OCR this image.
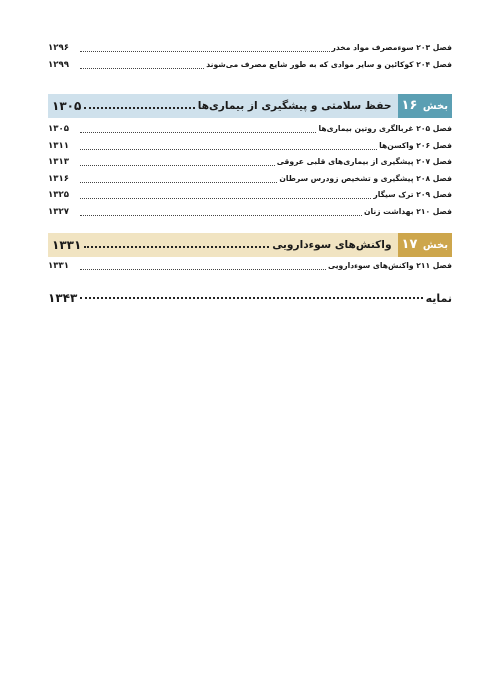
فصل ۲۰۳ سوءمصرف مواد مخدر
۱۲۹۶
فصل ۲۰۴ کوکائین و سایر موادی که به طور شایع مصرف می‌شوند
۱۲۹۹
بخش ۱۶
حفظ سلامتی و پیشگیری از بیماری‌ها
۱۳۰۵
فصل ۲۰۵ غربالگری روتین بیماری‌ها
۱۳۰۵
فصل ۲۰۶ واکسن‌ها
۱۳۱۱
فصل ۲۰۷ پیشگیری از بیماری‌های قلبی عروقی
۱۳۱۳
فصل ۲۰۸ پیشگیری و تشخیص زودرس سرطان
۱۳۱۶
فصل ۲۰۹ ترک سیگار
۱۳۲۵
فصل ۲۱۰ بهداشت زنان
۱۳۲۷
بخش ۱۷
واکنش‌های سوءدارویی
۱۳۳۱
فصل ۲۱۱ واکنش‌های سوءدارویی
۱۳۳۱
نمایه
۱۳۴۳
